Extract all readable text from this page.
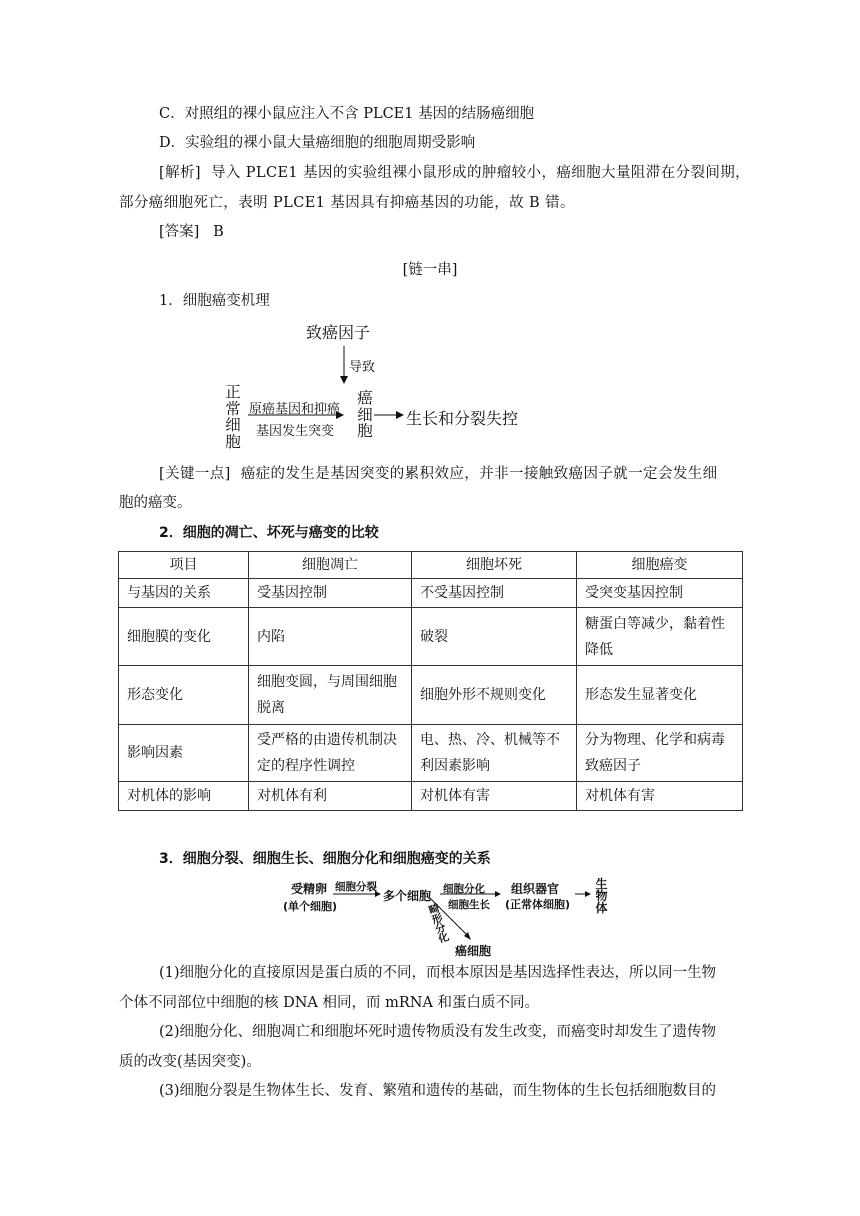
C．对照组的裸小鼠应注入不含 PLCE1 基因的结肠癌细胞
D．实验组的裸小鼠大量癌细胞的细胞周期受影响
[解析] 导入 PLCE1 基因的实验组裸小鼠形成的肿瘤较小，癌细胞大量阻滞在分裂间期，
部分癌细胞死亡，表明 PLCE1 基因具有抑癌基因的功能，故 B 错。
[答案] B
[链一串]
1．细胞癌变机理
致癌因子
导致
正
常
细
胞
原癌基因和抑癌
基因发生突变
癌
细
胞
生长和分裂失控
[关键一点] 癌症的发生是基因突变的累积效应，并非一接触致癌因子就一定会发生细
胞的癌变。
2．细胞的凋亡、坏死与癌变的比较
项目	细胞凋亡	细胞坏死	细胞癌变
与基因的关系	受基因控制	不受基因控制	受突变基因控制
细胞膜的变化	内陷	破裂	糖蛋白等减少，黏着性降低
形态变化	细胞变圆，与周围细胞脱离	细胞外形不规则变化	形态发生显著变化
影响因素	受严格的由遗传机制决定的程序性调控	电、热、冷、机械等不利因素影响	分为物理、化学和病毒致癌因子
对机体的影响	对机体有利	对机体有害	对机体有害
3．细胞分裂、细胞生长、细胞分化和细胞癌变的关系
受精卵
(单个细胞)
细胞分裂
多个细胞 细胞分化
细胞生长
组织器官
(正常体细胞)
生
物
体
畸
形
分
化
癌细胞
(1)细胞分化的直接原因是蛋白质的不同，而根本原因是基因选择性表达，所以同一生物
个体不同部位中细胞的核 DNA 相同，而 mRNA 和蛋白质不同。
(2)细胞分化、细胞凋亡和细胞坏死时遗传物质没有发生改变，而癌变时却发生了遗传物
质的改变(基因突变)。
(3)细胞分裂是生物体生长、发育、繁殖和遗传的基础，而生物体的生长包括细胞数目的
